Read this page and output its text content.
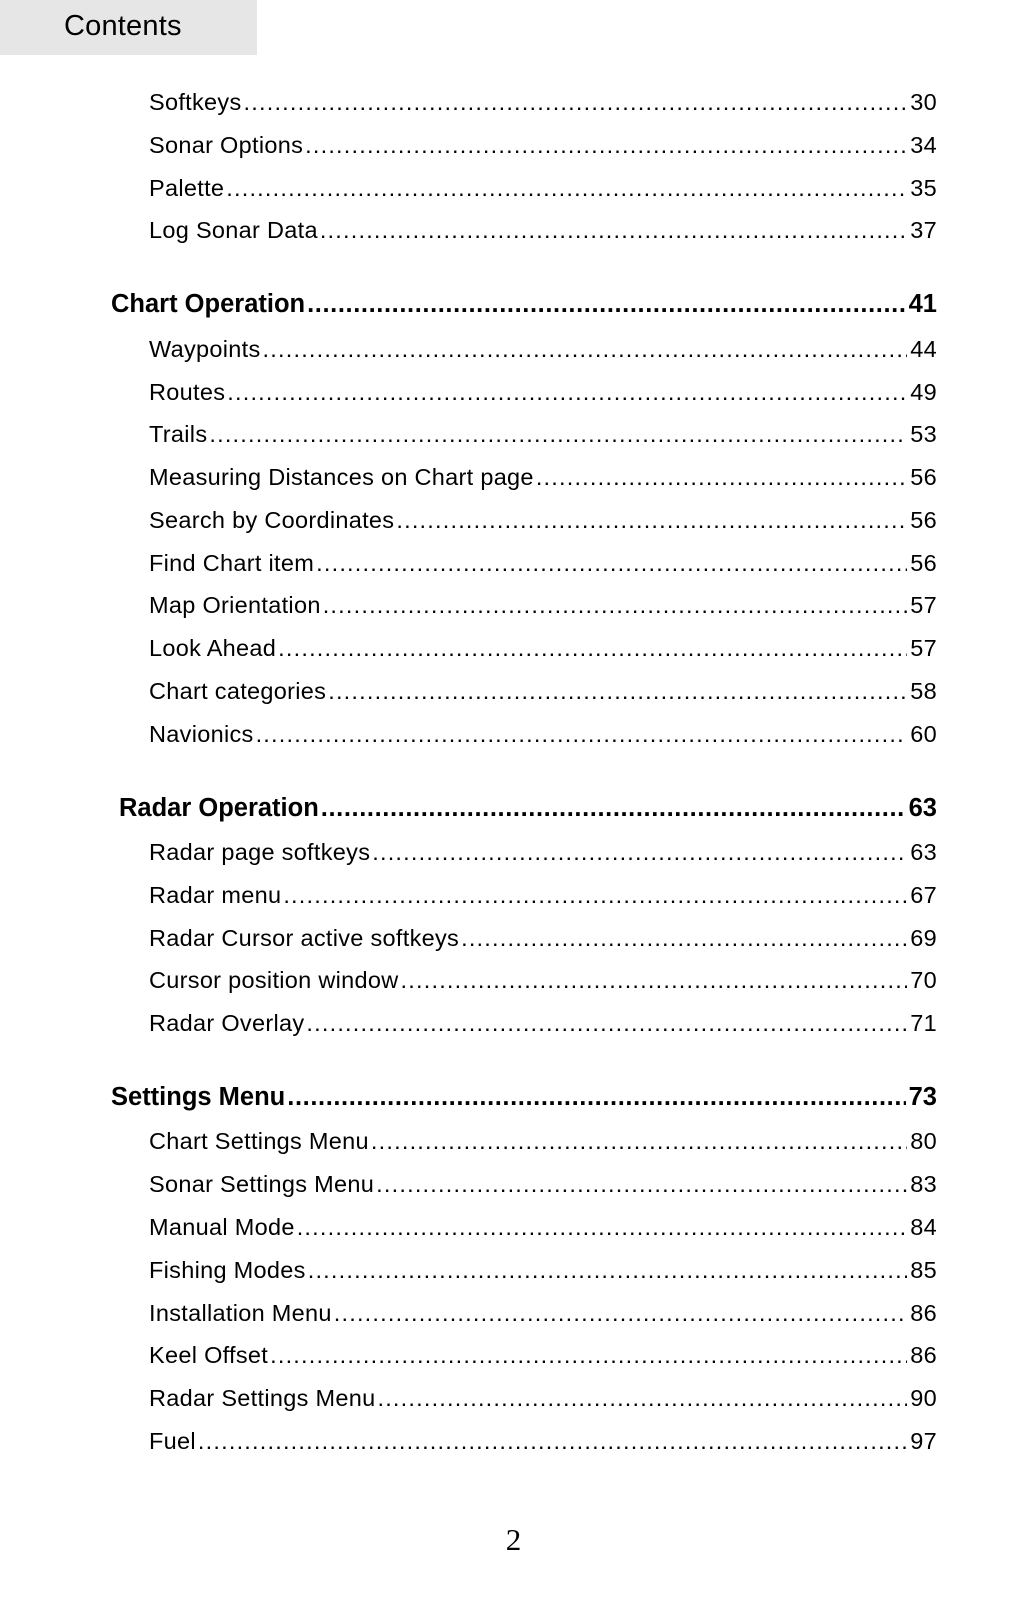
Contents
Softkeys .....	30
Sonar Options .....	34
Palette .....	35
Log Sonar Data .....	37
Chart Operation .....	41
Waypoints .....	44
Routes .....	49
Trails .....	53
Measuring Distances on Chart page .....	56
Search by Coordinates .....	56
Find Chart item .....	56
Map Orientation .....	57
Look Ahead .....	57
Chart categories .....	58
Navionics .....	60
Radar Operation .....	63
Radar page softkeys .....	63
Radar menu .....	67
Radar Cursor active softkeys .....	69
Cursor position window .....	70
Radar Overlay .....	71
Settings Menu .....	73
Chart Settings Menu .....	80
Sonar Settings Menu .....	83
Manual Mode .....	84
Fishing Modes .....	85
Installation Menu .....	86
Keel Offset .....	86
Radar Settings Menu .....	90
Fuel .....	97
2
